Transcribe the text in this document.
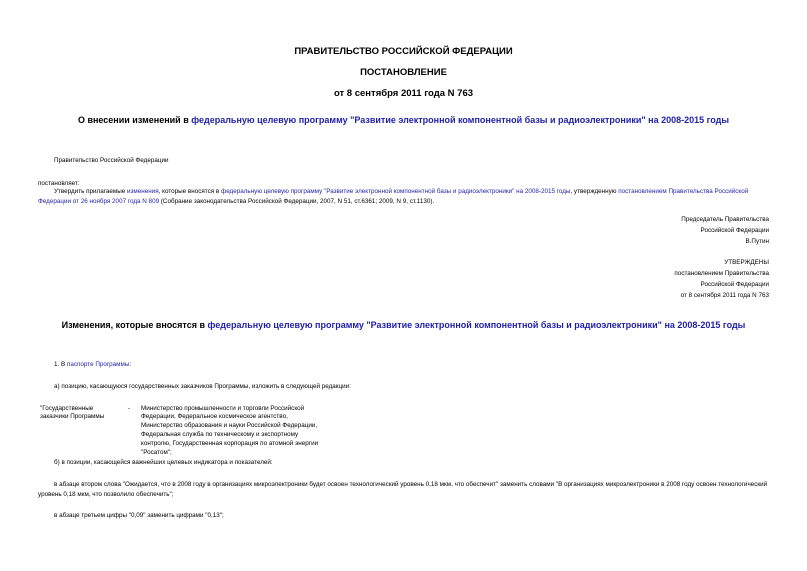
ПРАВИТЕЛЬСТВО РОССИЙСКОЙ ФЕДЕРАЦИИ
ПОСТАНОВЛЕНИЕ
от 8 сентября 2011 года N 763
О внесении изменений в федеральную целевую программу "Развитие электронной компонентной базы и радиоэлектроники" на 2008-2015 годы
Правительство Российской Федерации
постановляет:
Утвердить прилагаемые изменения, которые вносятся в федеральную целевую программу "Развитие электронной компонентной базы и радиоэлектроники" на 2008-2015 годы, утвержденную постановлением Правительства Российской Федерации от 26 ноября 2007 года N 809 (Собрание законодательства Российской Федерации, 2007, N 51, ст.6361; 2009, N 9, ст.1130).
Председатель Правительства
Российской Федерации
В.Путин
УТВЕРЖДЕНЫ
постановлением Правительства
Российской Федерации
от 8 сентября 2011 года N 763
Изменения, которые вносятся в федеральную целевую программу "Развитие электронной компонентной базы и радиоэлектроники" на 2008-2015 годы
1. В паспорте Программы:
а) позицию, касающуюся государственных заказчиков Программы, изложить в следующей редакции:
"Государственные
заказчики Программы
- Министерство промышленности и торговли Российской
Федерации, Федеральное космическое агентство,
Министерство образования и науки Российской Федерации,
Федеральная служба по техническому и экспортному
контролю, Государственная корпорация по атомной энергии
"Росатом";
б) в позиции, касающейся важнейших целевых индикатора и показателей:
в абзаце втором слова "Ожидается, что в 2008 году в организациях микроэлектроники будет освоен технологический уровень 0,18 мкм, что обеспечит" заменить словами "В организациях микроэлектроники в 2008 году освоен технологический уровень 0,18 мкм, что позволило обеспечить";
в абзаце третьем цифры "0,09" заменить цифрами "0,13";
